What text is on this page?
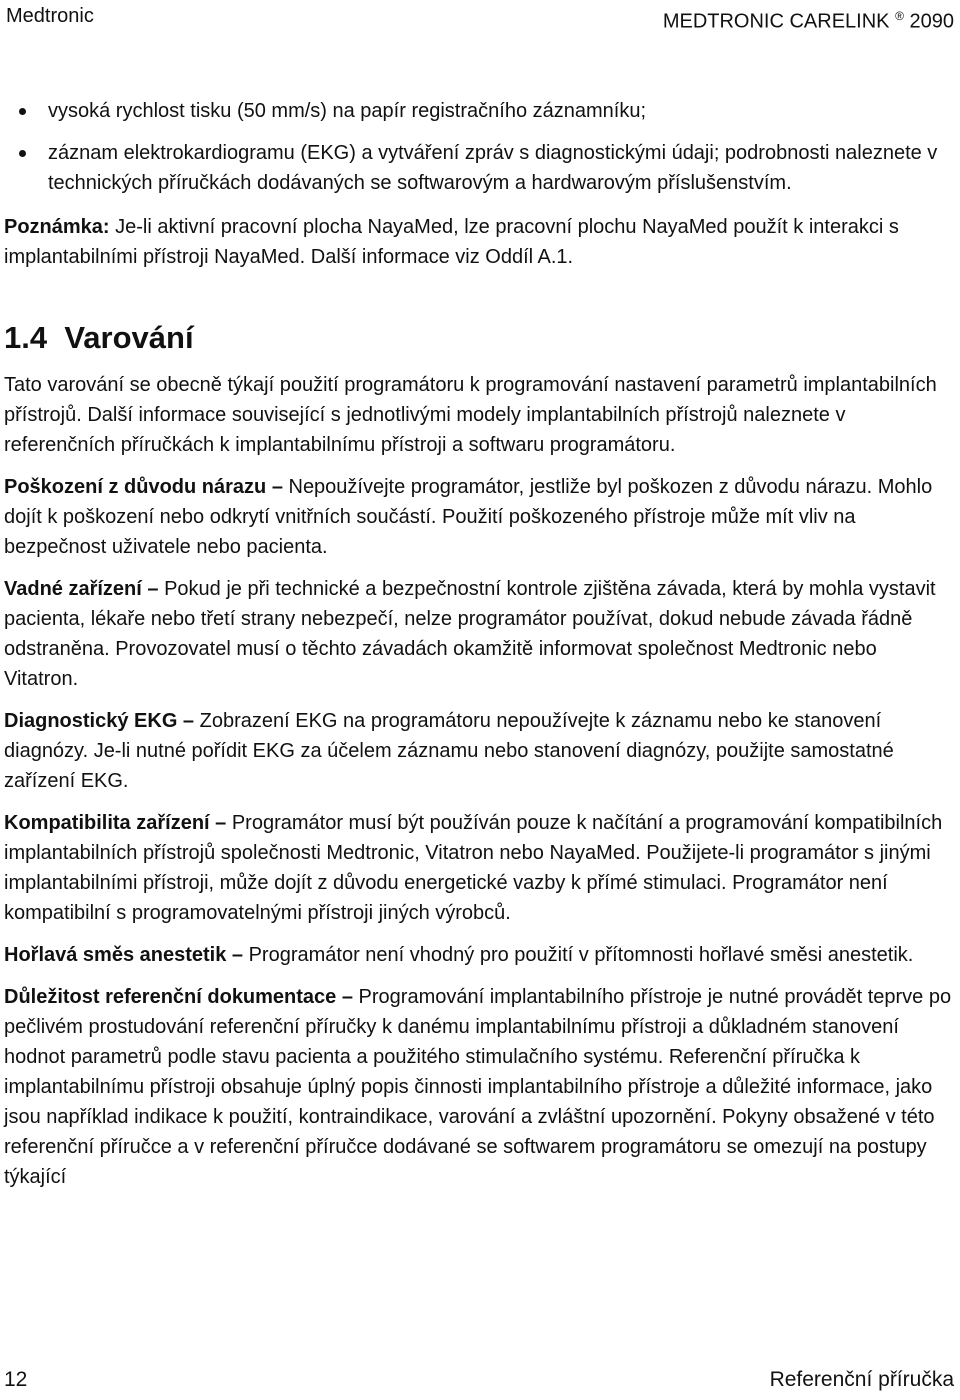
Medtronic	MEDTRONIC CARELINK ® 2090
vysoká rychlost tisku (50 mm/s) na papír registračního záznamníku;
záznam elektrokardiogramu (EKG) a vytváření zpráv s diagnostickými údaji; podrobnosti naleznete v technických příručkách dodávaných se softwarovým a hardwarovým příslušenstvím.

Poznámka: Je-li aktivní pracovní plocha NayaMed, lze pracovní plochu NayaMed použít k interakci s implantabilními přístroji NayaMed. Další informace viz Oddíl A.1.

1.4 Varování

Tato varování se obecně týkají použití programátoru k programování nastavení parametrů implantabilních přístrojů. Další informace související s jednotlivými modely implantabilních přístrojů naleznete v referenčních příručkách k implantabilnímu přístroji a softwaru programátoru.

Poškození z důvodu nárazu – Nepoužívejte programátor, jestliže byl poškozen z důvodu nárazu. Mohlo dojít k poškození nebo odkrytí vnitřních součástí. Použití poškozeného přístroje může mít vliv na bezpečnost uživatele nebo pacienta.

Vadné zařízení – Pokud je při technické a bezpečnostní kontrole zjištěna závada, která by mohla vystavit pacienta, lékaře nebo třetí strany nebezpečí, nelze programátor používat, dokud nebude závada řádně odstraněna. Provozovatel musí o těchto závadách okamžitě informovat společnost Medtronic nebo Vitatron.

Diagnostický EKG – Zobrazení EKG na programátoru nepoužívejte k záznamu nebo ke stanovení diagnózy. Je-li nutné pořídit EKG za účelem záznamu nebo stanovení diagnózy, použijte samostatné zařízení EKG.

Kompatibilita zařízení – Programátor musí být používán pouze k načítání a programování kompatibilních implantabilních přístrojů společnosti Medtronic, Vitatron nebo NayaMed. Použijete-li programátor s jinými implantabilními přístroji, může dojít z důvodu energetické vazby k přímé stimulaci. Programátor není kompatibilní s programovatelnými přístroji jiných výrobců.

Hořlavá směs anestetik – Programátor není vhodný pro použití v přítomnosti hořlavé směsi anestetik.

Důležitost referenční dokumentace – Programování implantabilního přístroje je nutné provádět teprve po pečlivém prostudování referenční příručky k danému implantabilnímu přístroji a důkladném stanovení hodnot parametrů podle stavu pacienta a použitého stimulačního systému. Referenční příručka k implantabilnímu přístroji obsahuje úplný popis činnosti implantabilního přístroje a důležité informace, jako jsou například indikace k použití, kontraindikace, varování a zvláštní upozornění. Pokyny obsažené v této referenční příručce a v referenční příručce dodávané se softwarem programátoru se omezují na postupy týkající

12	Referenční příručka
